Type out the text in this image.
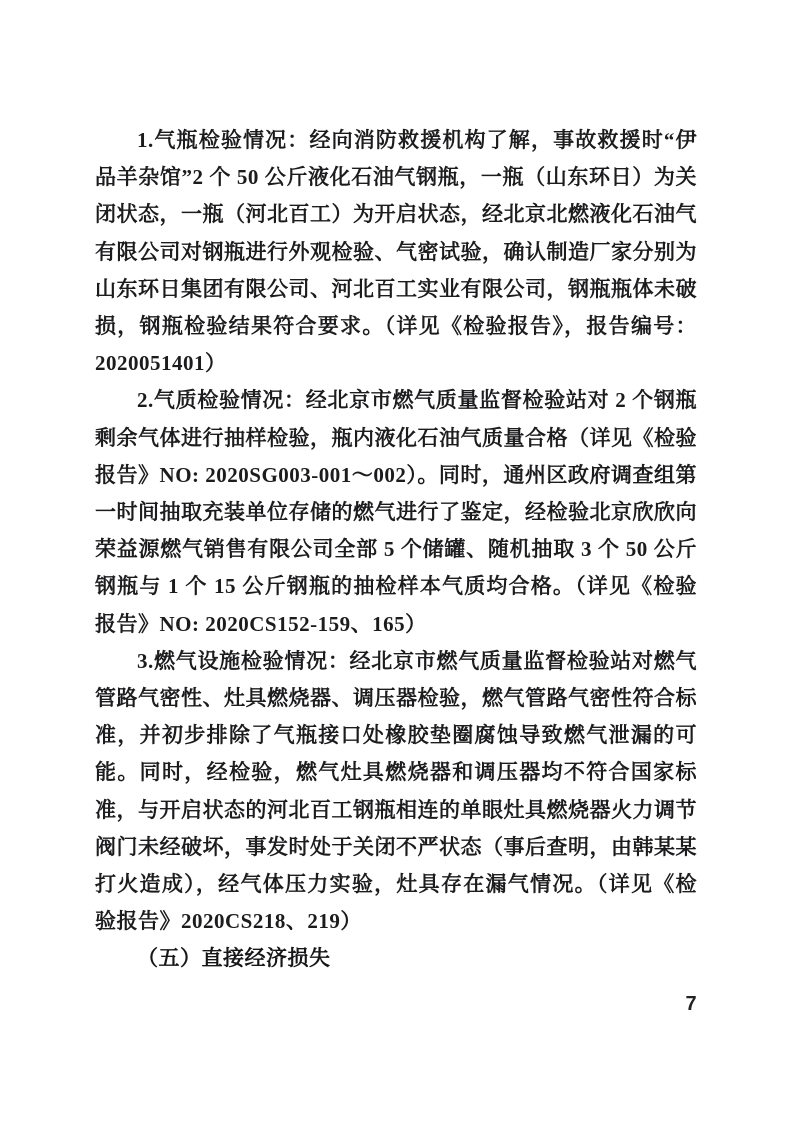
1.气瓶检验情况：经向消防救援机构了解，事故救援时“伊品羊杂馆”2 个 50 公斤液化石油气钢瓶，一瓶（山东环日）为关闭状态，一瓶（河北百工）为开启状态，经北京北燃液化石油气有限公司对钢瓶进行外观检验、气密试验，确认制造厂家分别为山东环日集团有限公司、河北百工实业有限公司，钢瓶瓶体未破损，钢瓶检验结果符合要求。（详见《检验报告》，报告编号：2020051401）

2.气质检验情况：经北京市燃气质量监督检验站对 2 个钢瓶剩余气体进行抽样检验，瓶内液化石油气质量合格（详见《检验报告》NO: 2020SG003-001～002）。同时，通州区政府调查组第一时间抽取充装单位存储的燃气进行了鉴定，经检验北京欣欣向荣益源燃气销售有限公司全部 5 个储罐、随机抽取 3 个 50 公斤钢瓶与 1 个 15 公斤钢瓶的抽检样本气质均合格。（详见《检验报告》NO: 2020CS152-159、165）

3.燃气设施检验情况：经北京市燃气质量监督检验站对燃气管路气密性、灶具燃烧器、调压器检验，燃气管路气密性符合标准，并初步排除了气瓶接口处橡胶垫圈腐蚀导致燃气泄漏的可能。同时，经检验，燃气灶具燃烧器和调压器均不符合国家标准，与开启状态的河北百工钢瓶相连的单眼灶具燃烧器火力调节阀门未经破坏，事发时处于关闭不严状态（事后查明，由韩某某打火造成），经气体压力实验，灶具存在漏气情况。（详见《检验报告》2020CS218、219）

（五）直接经济损失

7
